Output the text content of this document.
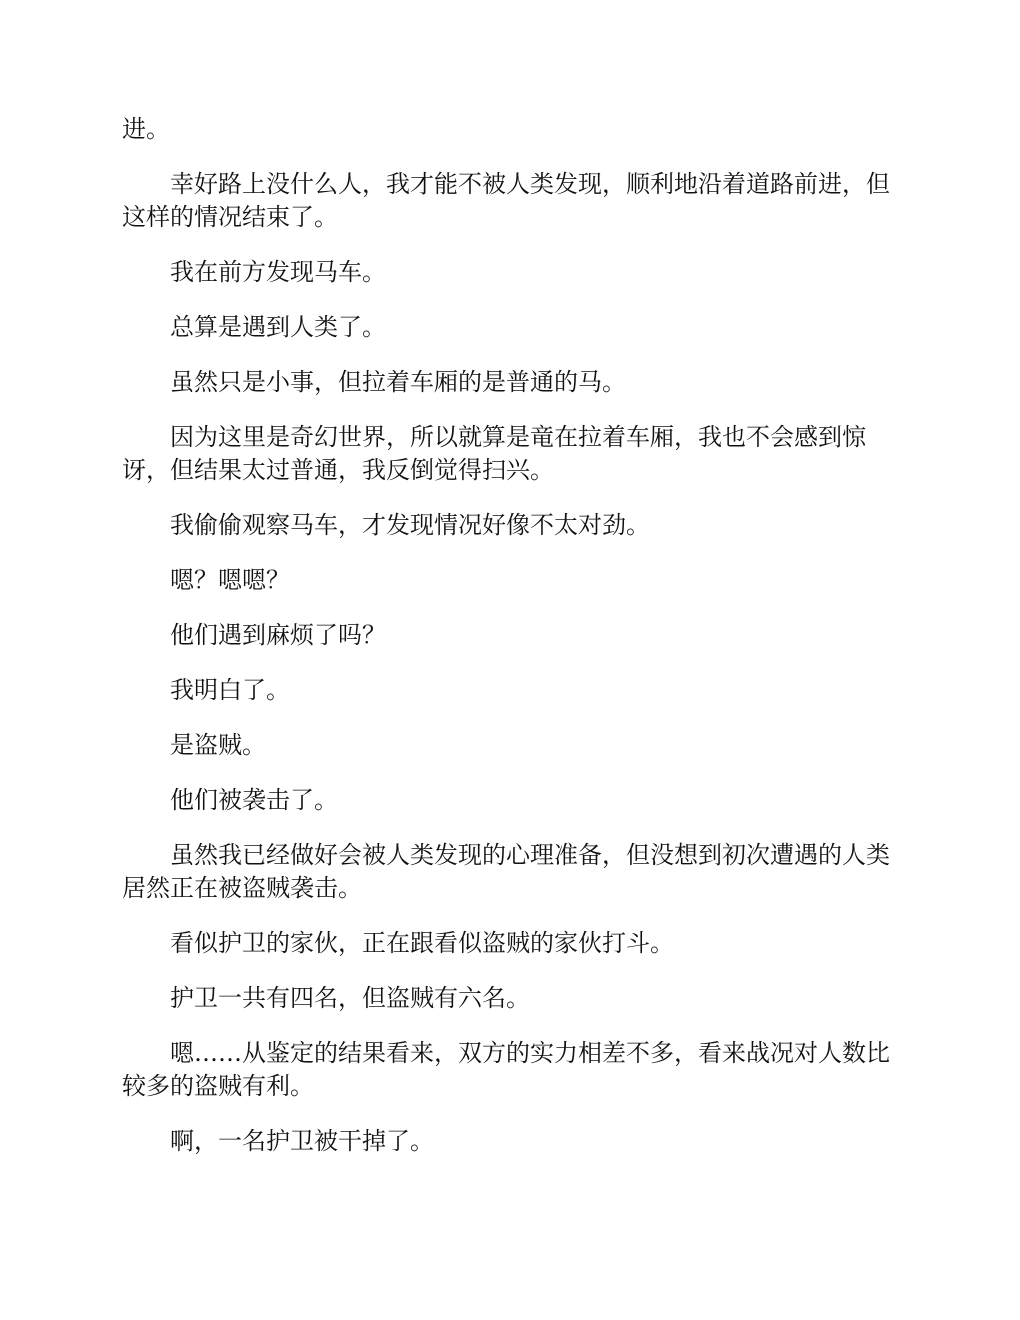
进。

幸好路上没什么人，我才能不被人类发现，顺利地沿着道路前进，但这样的情况结束了。

我在前方发现马车。

总算是遇到人类了。

虽然只是小事，但拉着车厢的是普通的马。

因为这里是奇幻世界，所以就算是竜在拉着车厢，我也不会感到惊讶，但结果太过普通，我反倒觉得扫兴。

我偷偷观察马车，才发现情况好像不太对劲。

嗯？嗯嗯？

他们遇到麻烦了吗？

我明白了。

是盗贼。

他们被袭击了。

虽然我已经做好会被人类发现的心理准备，但没想到初次遭遇的人类居然正在被盗贼袭击。

看似护卫的家伙，正在跟看似盗贼的家伙打斗。

护卫一共有四名，但盗贼有六名。

嗯……从鉴定的结果看来，双方的实力相差不多，看来战况对人数比较多的盗贼有利。

啊，一名护卫被干掉了。
